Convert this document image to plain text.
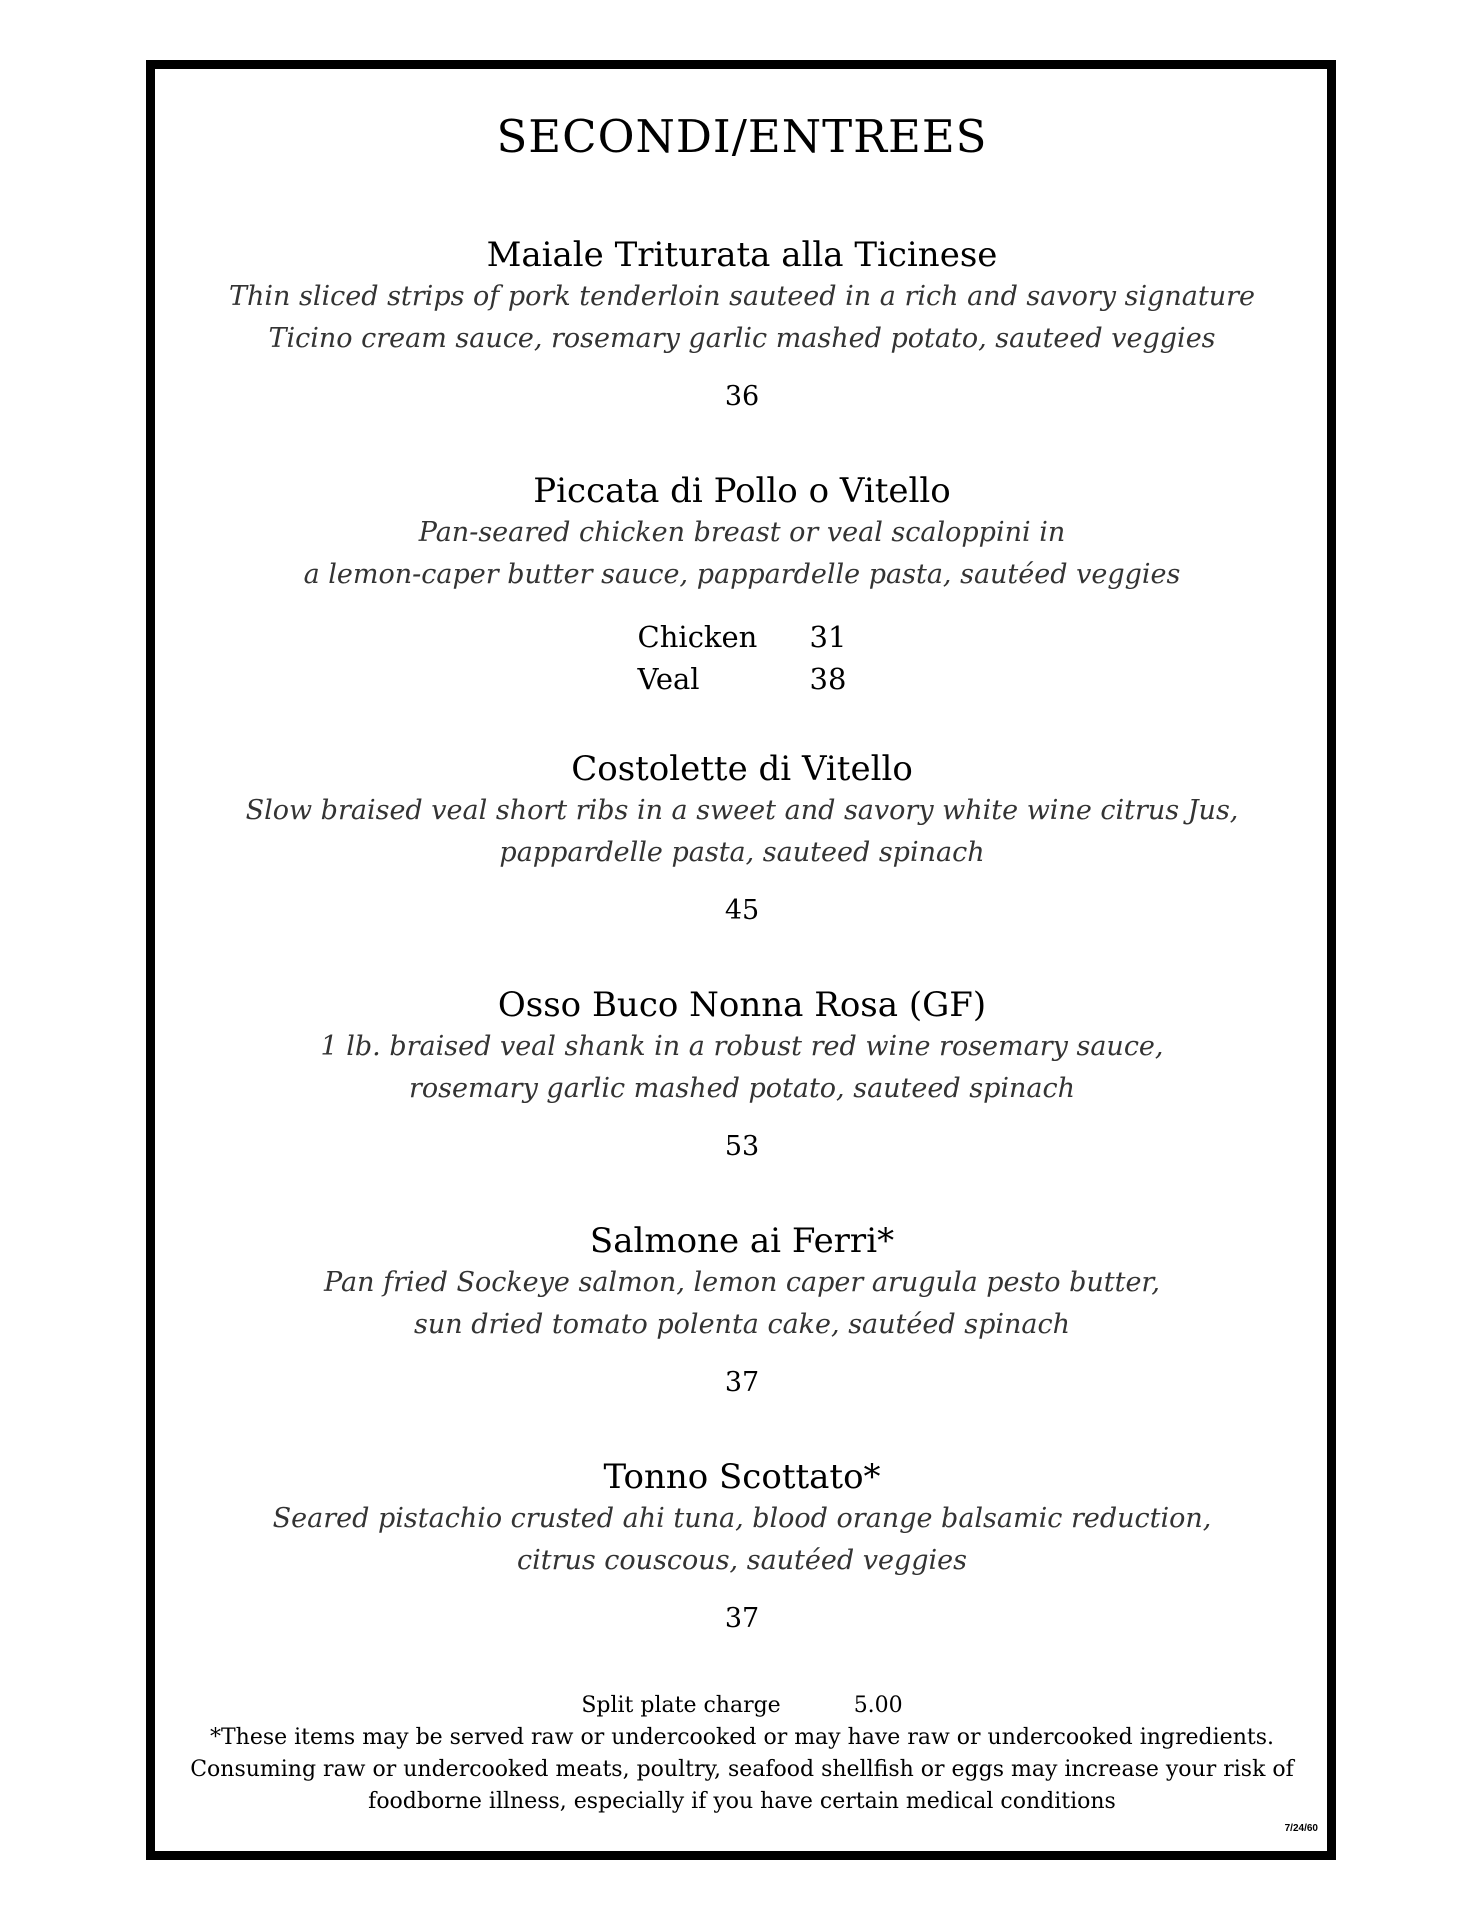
SECONDI/ENTREES
Maiale Triturata alla Ticinese
Thin sliced strips of pork tenderloin sauteed in a rich and savory signature
Ticino cream sauce, rosemary garlic mashed potato, sauteed veggies
36
Piccata di Pollo o Vitello
Pan-seared chicken breast or veal scaloppini in
a lemon-caper butter sauce, pappardelle pasta, sautéed veggies
Chicken	31
Veal	38
Costolette di Vitello
Slow braised veal short ribs in a sweet and savory white wine citrus Jus,
pappardelle pasta, sauteed spinach
45
Osso Buco Nonna Rosa (GF)
1 lb. braised veal shank in a robust red wine rosemary sauce,
rosemary garlic mashed potato, sauteed spinach
53
Salmone ai Ferri*
Pan fried Sockeye salmon, lemon caper arugula pesto butter,
sun dried tomato polenta cake, sautéed spinach
37
Tonno Scottato*
Seared pistachio crusted ahi tuna, blood orange balsamic reduction,
citrus couscous, sautéed veggies
37
Split plate charge	5.00
*These items may be served raw or undercooked or may have raw or undercooked ingredients.
Consuming raw or undercooked meats, poultry, seafood shellfish or eggs may increase your risk of
foodborne illness, especially if you have certain medical conditions
7/24/60
